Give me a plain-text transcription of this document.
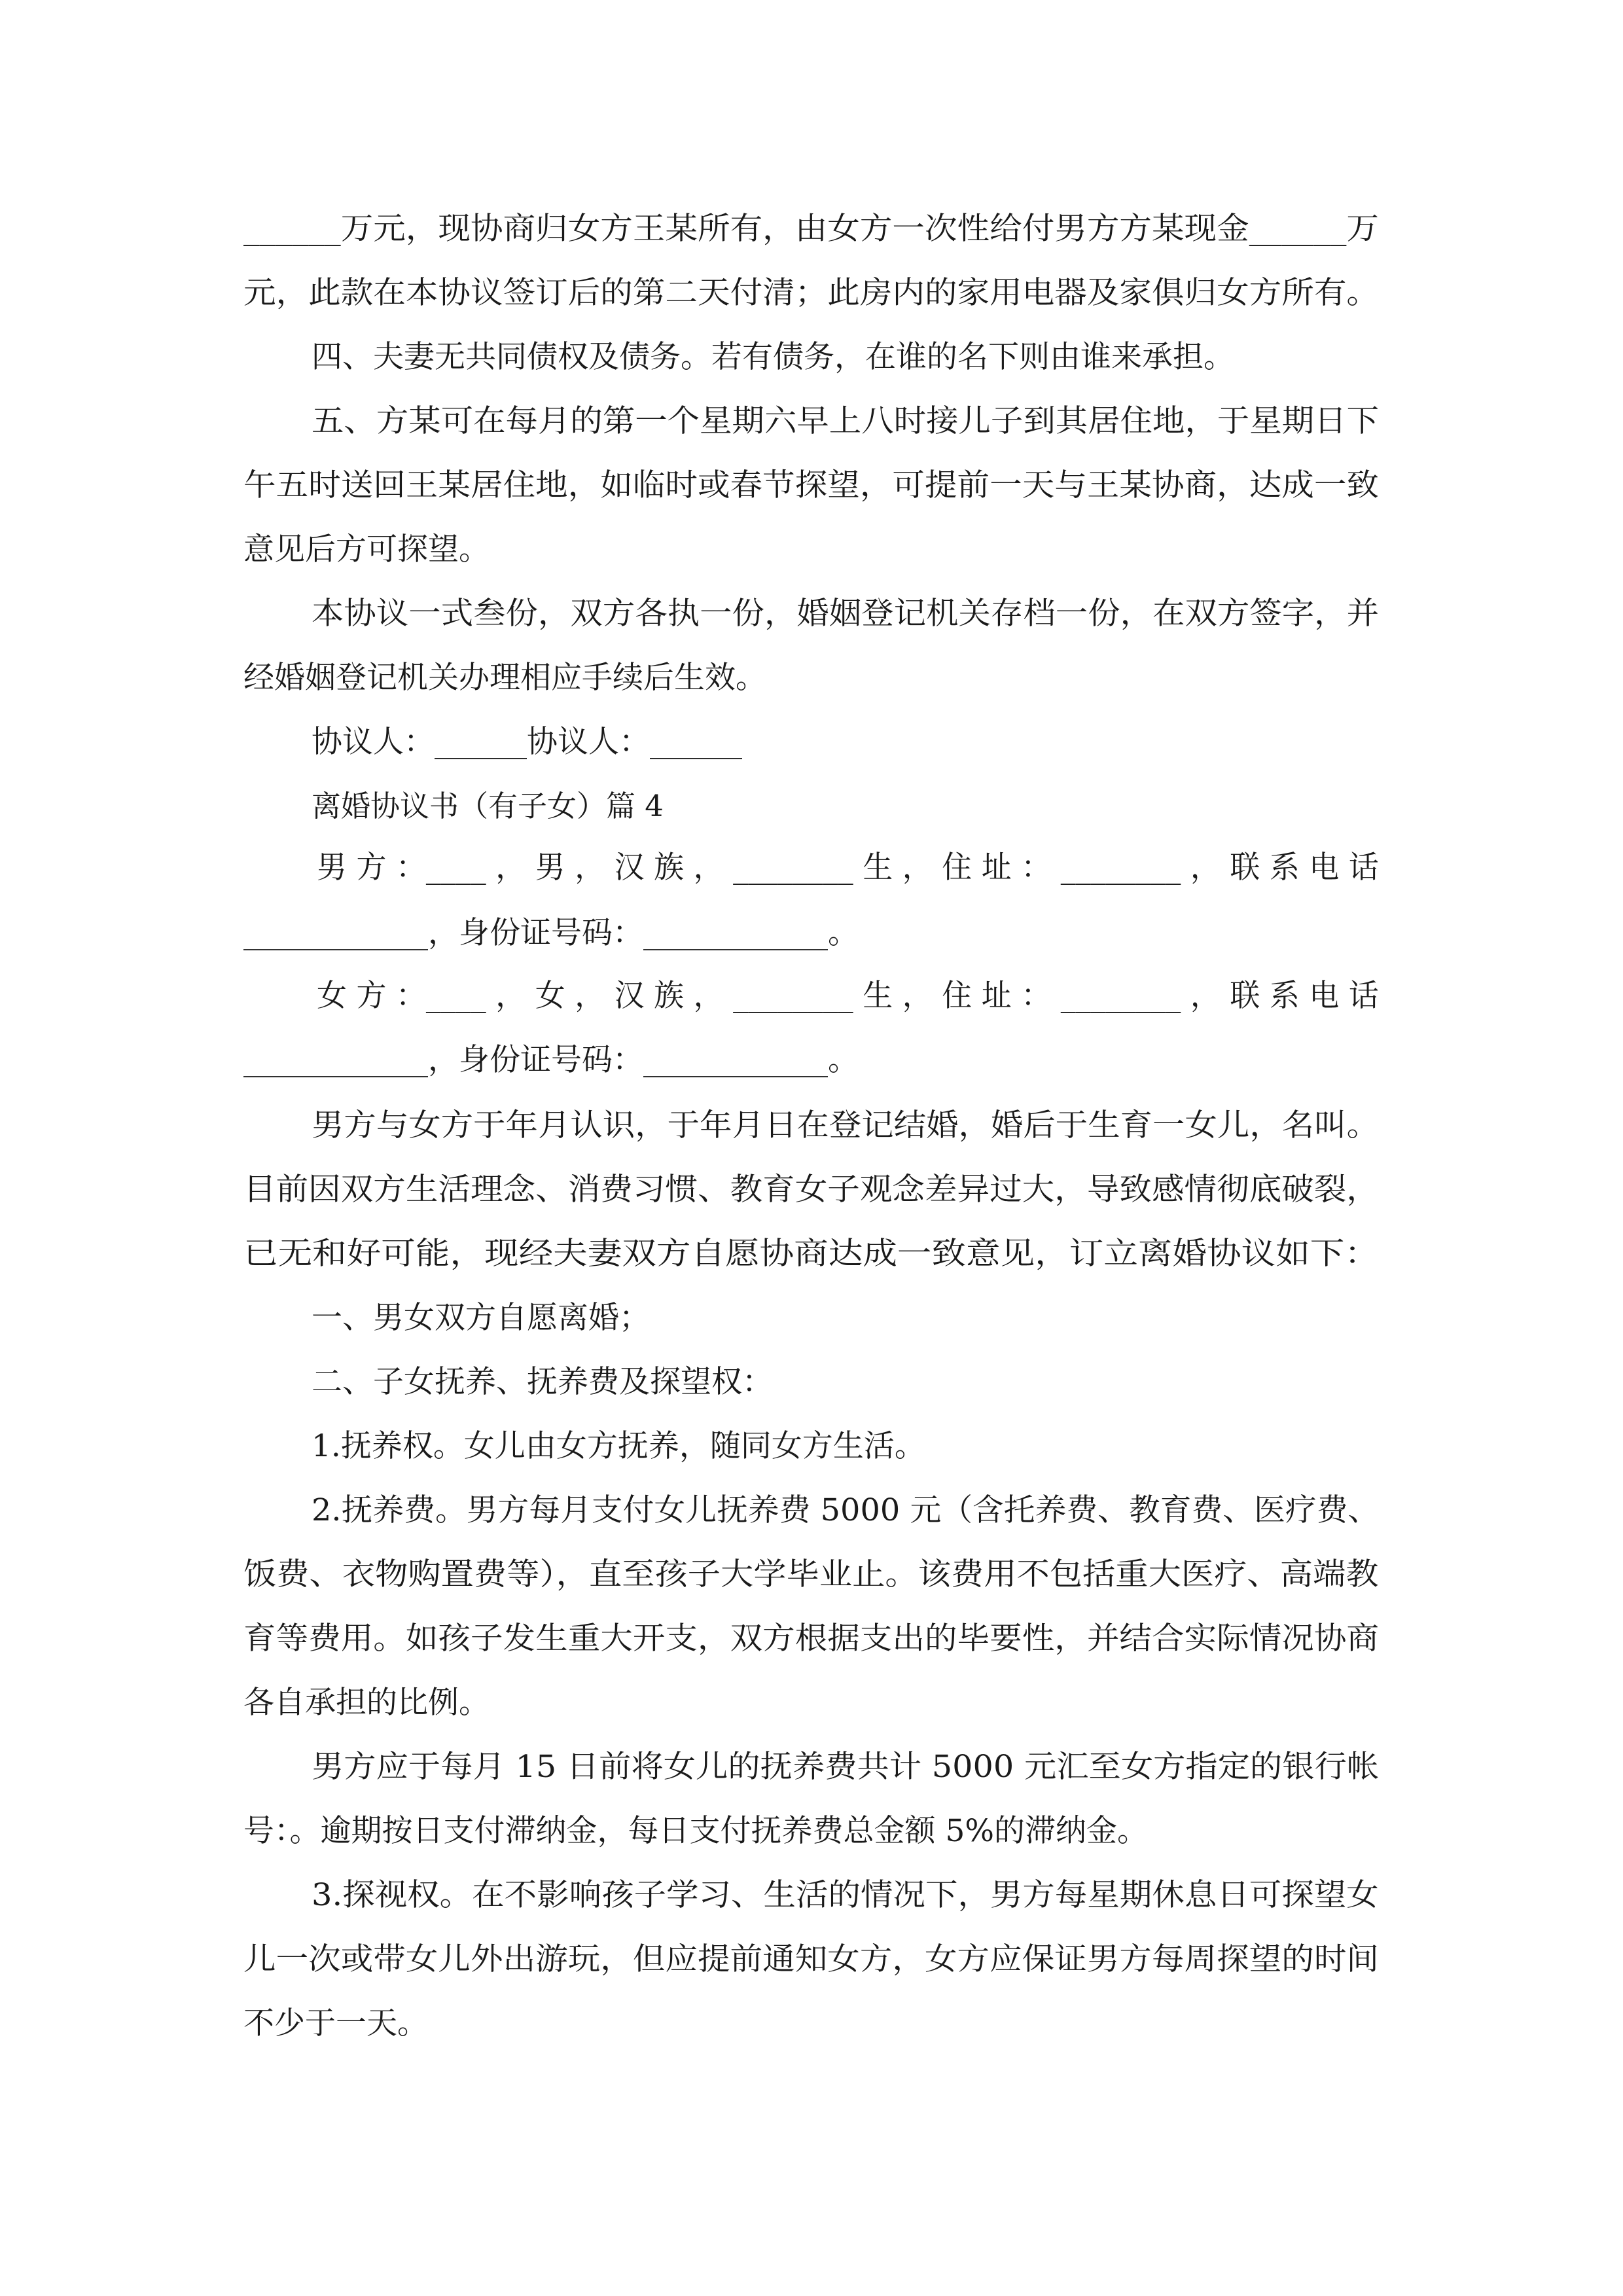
______万元，现协商归女方王某所有，由女方一次性给付男方方某现金______万
元，此款在本协议签订后的第二天付清；此房内的家用电器及家俱归女方所有。
四、夫妻无共同债权及债务。若有债务，在谁的名下则由谁来承担。
五、方某可在每月的第一个星期六早上八时接儿子到其居住地，于星期日下
午五时送回王某居住地，如临时或春节探望，可提前一天与王某协商，达成一致
意见后方可探望。
本协议一式叁份，双方各执一份，婚姻登记机关存档一份，在双方签字，并
经婚姻登记机关办理相应手续后生效。
协议人：______协议人：______
离婚协议书（有子女）篇 4
男 方 ：____ ， 男 ， 汉 族 ， ________ 生 ， 住 址 ： ________ ， 联 系 电 话
____________，身份证号码：____________。
女 方 ：____ ， 女 ， 汉 族 ， ________ 生 ， 住 址 ： ________ ， 联 系 电 话
____________，身份证号码：____________。
男方与女方于年月认识，于年月日在登记结婚，婚后于生育一女儿，名叫。
目前因双方生活理念、消费习惯、教育女子观念差异过大，导致感情彻底破裂，
已无和好可能，现经夫妻双方自愿协商达成一致意见，订立离婚协议如下：
一、男女双方自愿离婚；
二、子女抚养、抚养费及探望权：
1.抚养权。女儿由女方抚养，随同女方生活。
2.抚养费。男方每月支付女儿抚养费 5000 元（含托养费、教育费、医疗费、
饭费、衣物购置费等），直至孩子大学毕业止。该费用不包括重大医疗、高端教
育等费用。如孩子发生重大开支，双方根据支出的毕要性，并结合实际情况协商
各自承担的比例。
男方应于每月 15 日前将女儿的抚养费共计 5000 元汇至女方指定的银行帐
号：。逾期按日支付滞纳金，每日支付抚养费总金额 5%的滞纳金。
3.探视权。在不影响孩子学习、生活的情况下，男方每星期休息日可探望女
儿一次或带女儿外出游玩，但应提前通知女方，女方应保证男方每周探望的时间
不少于一天。
